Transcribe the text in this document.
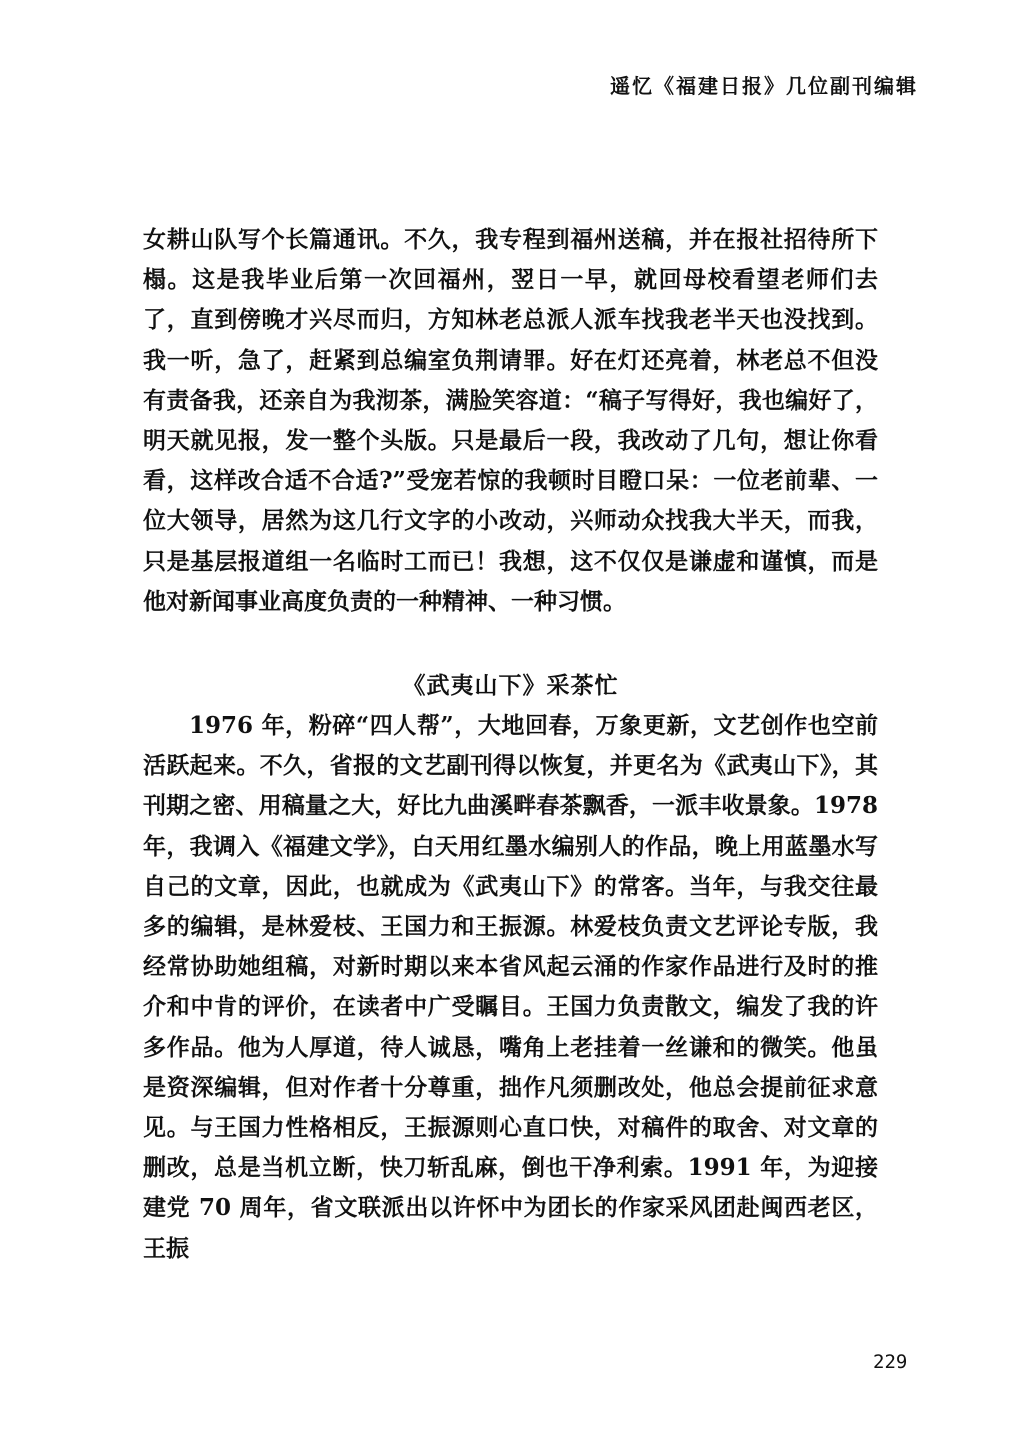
遥忆《福建日报》几位副刊编辑

女耕山队写个长篇通讯。不久，我专程到福州送稿，并在报社招待所下榻。这是我毕业后第一次回福州，翌日一早，就回母校看望老师们去了，直到傍晚才兴尽而归，方知林老总派人派车找我老半天也没找到。我一听，急了，赶紧到总编室负荆请罪。好在灯还亮着，林老总不但没有责备我，还亲自为我沏茶，满脸笑容道：“稿子写得好，我也编好了，明天就见报，发一整个头版。只是最后一段，我改动了几句，想让你看看，这样改合适不合适?”受宠若惊的我顿时目瞪口呆：一位老前辈、一位大领导，居然为这几行文字的小改动，兴师动众找我大半天，而我，只是基层报道组一名临时工而已！我想，这不仅仅是谦虚和谨慎，而是他对新闻事业高度负责的一种精神、一种习惯。

《武夷山下》采茶忙

1976 年，粉碎“四人帮”，大地回春，万象更新，文艺创作也空前活跃起来。不久，省报的文艺副刊得以恢复，并更名为《武夷山下》，其刊期之密、用稿量之大，好比九曲溪畔春茶飘香，一派丰收景象。1978 年，我调入《福建文学》，白天用红墨水编别人的作品，晚上用蓝墨水写自己的文章，因此，也就成为《武夷山下》的常客。当年，与我交往最多的编辑，是林爱枝、王国力和王振源。林爱枝负责文艺评论专版，我经常协助她组稿，对新时期以来本省风起云涌的作家作品进行及时的推介和中肯的评价，在读者中广受瞩目。王国力负责散文，编发了我的许多作品。他为人厚道，待人诚恳，嘴角上老挂着一丝谦和的微笑。他虽是资深编辑，但对作者十分尊重，拙作凡须删改处，他总会提前征求意见。与王国力性格相反，王振源则心直口快，对稿件的取舍、对文章的删改，总是当机立断，快刀斩乱麻，倒也干净利索。1991 年，为迎接建党 70 周年，省文联派出以许怀中为团长的作家采风团赴闽西老区，王振

229
